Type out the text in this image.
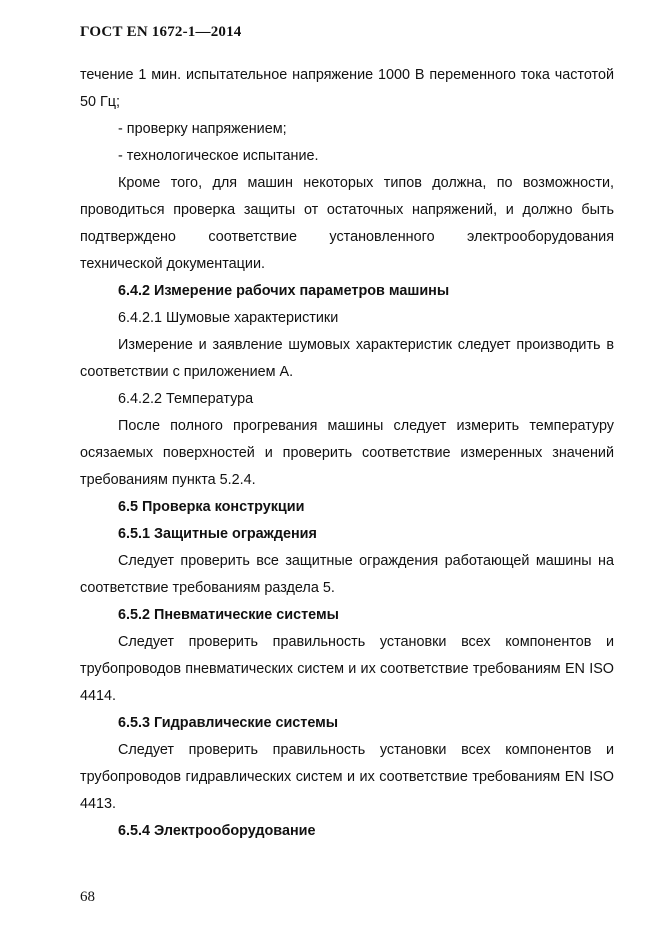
ГОСТ EN 1672-1—2014

течение 1 мин. испытательное напряжение 1000 В переменного тока частотой 50 Гц;

- проверку напряжением;

- технологическое испытание.

Кроме того, для машин некоторых типов должна, по возможности, проводиться проверка защиты от остаточных напряжений, и должно быть подтверждено соответствие установленного электрооборудования технической документации.

6.4.2 Измерение рабочих параметров машины

6.4.2.1 Шумовые характеристики

Измерение и заявление шумовых характеристик следует производить в соответствии с приложением А.

6.4.2.2 Температура

После полного прогревания машины следует измерить температуру осязаемых поверхностей и проверить соответствие измеренных значений требованиям пункта 5.2.4.

6.5 Проверка конструкции

6.5.1 Защитные ограждения

Следует проверить все защитные ограждения работающей машины на соответствие требованиям раздела 5.

6.5.2 Пневматические системы

Следует проверить правильность установки всех компонентов и трубопроводов пневматических систем и их соответствие требованиям EN ISO 4414.

6.5.3 Гидравлические системы

Следует проверить правильность установки всех компонентов и трубопроводов гидравлических систем и их соответствие требованиям EN ISO 4413.

6.5.4 Электрооборудование

68
